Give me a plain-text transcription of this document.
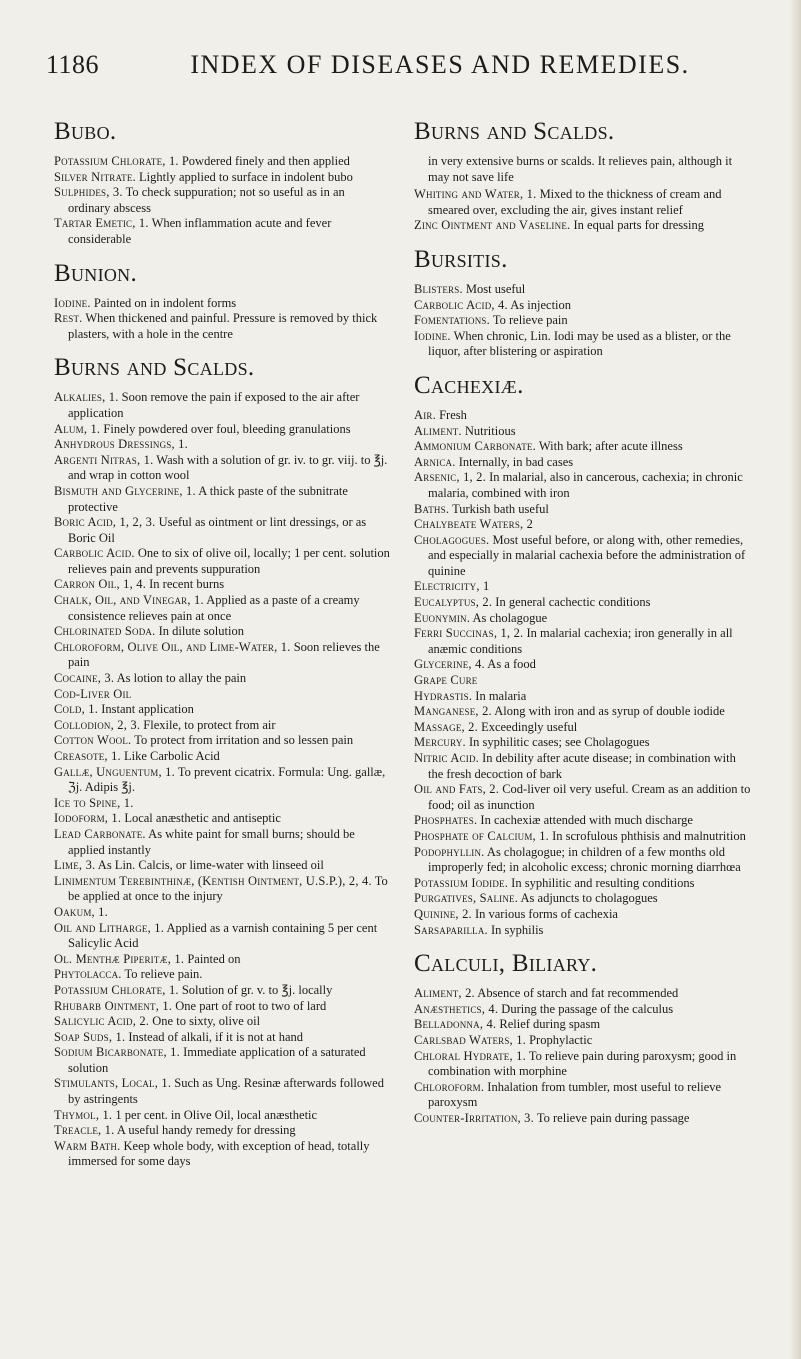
1186	INDEX OF DISEASES AND REMEDIES.
Bubo.
Potassium Chlorate, 1. Powdered finely and then applied
Silver Nitrate. Lightly applied to surface in indolent bubo
Sulphides, 3. To check suppuration; not so useful as in an ordinary abscess
Tartar Emetic, 1. When inflammation acute and fever considerable
Bunion.
Iodine. Painted on in indolent forms
Rest. When thickened and painful. Pressure is removed by thick plasters, with a hole in the centre
Burns and Scalds.
Alkalies, 1. Soon remove the pain if exposed to the air after application
Alum, 1. Finely powdered over foul, bleeding granulations
Anhydrous Dressings, 1.
Argenti Nitras, 1. Wash with a solution of gr. iv. to gr. viij. to ℥j. and wrap in cotton wool
Bismuth and Glycerine, 1. A thick paste of the subnitrate protective
Boric Acid, 1, 2, 3. Useful as ointment or lint dressings, or as Boric Oil
Carbolic Acid. One to six of olive oil, locally; 1 per cent. solution relieves pain and prevents suppuration
Carron Oil, 1, 4. In recent burns
Chalk, Oil, and Vinegar, 1. Applied as a paste of a creamy consistence relieves pain at once
Chlorinated Soda. In dilute solution
Chloroform, Olive Oil, and Lime-Water, 1. Soon relieves the pain
Cocaine, 3. As lotion to allay the pain
Cod-Liver Oil
Cold, 1. Instant application
Collodion, 2, 3. Flexile, to protect from air
Cotton Wool. To protect from irritation and so lessen pain
Creasote, 1. Like Carbolic Acid
Gallæ, Unguentum, 1. To prevent cicatrix. Formula: Ung. gallæ, ℨj. Adipis ℥j.
Ice to Spine, 1.
Iodoform, 1. Local anæsthetic and antiseptic
Lead Carbonate. As white paint for small burns; should be applied instantly
Lime, 3. As Lin. Calcis, or lime-water with linseed oil
Linimentum Terebinthinæ, (Kentish Ointment, U.S.P.), 2, 4. To be applied at once to the injury
Oakum, 1.
Oil and Litharge, 1. Applied as a varnish containing 5 per cent Salicylic Acid
Ol. Menthæ Piperitæ, 1. Painted on
Phytolacca. To relieve pain.
Potassium Chlorate, 1. Solution of gr. v. to ℥j. locally
Rhubarb Ointment, 1. One part of root to two of lard
Salicylic Acid, 2. One to sixty, olive oil
Soap Suds, 1. Instead of alkali, if it is not at hand
Sodium Bicarbonate, 1. Immediate application of a saturated solution
Stimulants, Local, 1. Such as Ung. Resinæ afterwards followed by astringents
Thymol, 1. 1 per cent. in Olive Oil, local anæsthetic
Treacle, 1. A useful handy remedy for dressing
Warm Bath. Keep whole body, with exception of head, totally immersed for some days
Burns and Scalds.
in very extensive burns or scalds. It relieves pain, although it may not save life
Whiting and Water, 1. Mixed to the thickness of cream and smeared over, excluding the air, gives instant relief
Zinc Ointment and Vaseline. In equal parts for dressing
Bursitis.
Blisters. Most useful
Carbolic Acid, 4. As injection
Fomentations. To relieve pain
Iodine. When chronic, Lin. Iodi may be used as a blister, or the liquor, after blistering or aspiration
Cachexiæ.
Air. Fresh
Aliment. Nutritious
Ammonium Carbonate. With bark; after acute illness
Arnica. Internally, in bad cases
Arsenic, 1, 2. In malarial, also in cancerous, cachexia; in chronic malaria, combined with iron
Baths. Turkish bath useful
Chalybeate Waters, 2
Cholagogues. Most useful before, or along with, other remedies, and especially in malarial cachexia before the administration of quinine
Electricity, 1
Eucalyptus, 2. In general cachectic conditions
Euonymin. As cholagogue
Ferri Succinas, 1, 2. In malarial cachexia; iron generally in all anæmic conditions
Glycerine, 4. As a food
Grape Cure
Hydrastis. In malaria
Manganese, 2. Along with iron and as syrup of double iodide
Massage, 2. Exceedingly useful
Mercury. In syphilitic cases; see Cholagogues
Nitric Acid. In debility after acute disease; in combination with the fresh decoction of bark
Oil and Fats, 2. Cod-liver oil very useful. Cream as an addition to food; oil as inunction
Phosphates. In cachexiæ attended with much discharge
Phosphate of Calcium, 1. In scrofulous phthisis and malnutrition
Podophyllin. As cholagogue; in children of a few months old improperly fed; in alcoholic excess; chronic morning diarrhœa
Potassium Iodide. In syphilitic and resulting conditions
Purgatives, Saline. As adjuncts to cholagogues
Quinine, 2. In various forms of cachexia
Sarsaparilla. In syphilis
Calculi, Biliary.
Aliment, 2. Absence of starch and fat recommended
Anæsthetics, 4. During the passage of the calculus
Belladonna, 4. Relief during spasm
Carlsbad Waters, 1. Prophylactic
Chloral Hydrate, 1. To relieve pain during paroxysm; good in combination with morphine
Chloroform. Inhalation from tumbler, most useful to relieve paroxysm
Counter-Irritation, 3. To relieve pain during passage
